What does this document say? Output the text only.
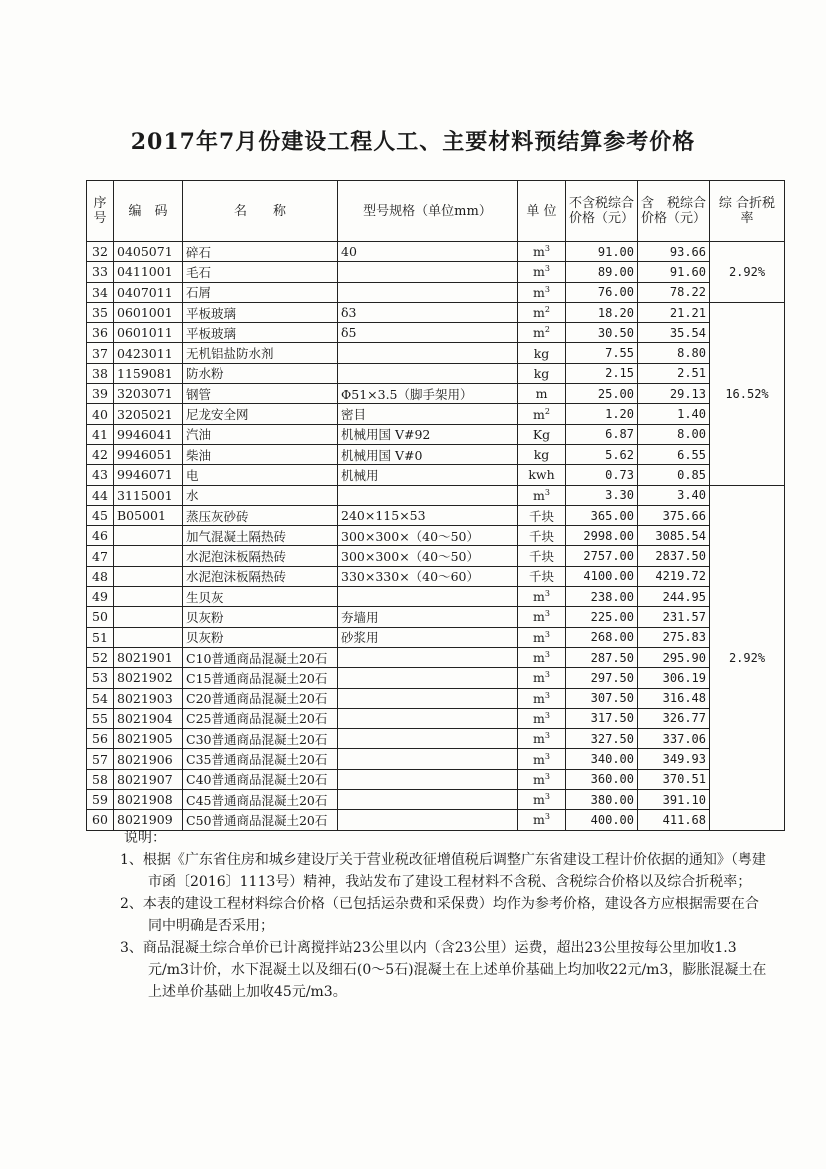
2017年7月份建设工程人工、主要材料预结算参考价格
序号	编　码	名　　称	型号规格（单位mm）	单 位	不含税综合价格（元）	含　税综合价格（元）	综 合折税率
32	0405071	碎石	40	$m^3$	91.00	93.66	2.92%
33	0411001	毛石		$m^3$	89.00	91.60	
34	0407011	石屑		$m^3$	76.00	78.22	
35	0601001	平板玻璃	δ3	$m^2$	18.20	21.21	16.52%
36	0601011	平板玻璃	δ5	$m^2$	30.50	35.54	
37	0423011	无机铝盐防水剂		kg	7.55	8.80	
38	1159081	防水粉		kg	2.15	2.51	
39	3203071	钢管	Φ51×3.5（脚手架用）	m	25.00	29.13	
40	3205021	尼龙安全网	密目	$m^2$	1.20	1.40	
41	9946041	汽油	机械用国 V#92	Kg	6.87	8.00	
42	9946051	柴油	机械用国 V#0	kg	5.62	6.55	
43	9946071	电	机械用	kwh	0.73	0.85	
44	3115001	水		$m^3$	3.30	3.40	2.92%
45	B05001	蒸压灰砂砖	240×115×53	千块	365.00	375.66	
46		加气混凝土隔热砖	300×300×（40～50）	千块	2998.00	3085.54	
47		水泥泡沫板隔热砖	300×300×（40～50）	千块	2757.00	2837.50	
48		水泥泡沫板隔热砖	330×330×（40～60）	千块	4100.00	4219.72	
49		生贝灰		$m^3$	238.00	244.95	
50		贝灰粉	夯墙用	$m^3$	225.00	231.57	
51		贝灰粉	砂浆用	$m^3$	268.00	275.83	
52	8021901	C10普通商品混凝土20石		$m^3$	287.50	295.90	
53	8021902	C15普通商品混凝土20石		$m^3$	297.50	306.19	
54	8021903	C20普通商品混凝土20石		$m^3$	307.50	316.48	
55	8021904	C25普通商品混凝土20石		$m^3$	317.50	326.77	
56	8021905	C30普通商品混凝土20石		$m^3$	327.50	337.06	
57	8021906	C35普通商品混凝土20石		$m^3$	340.00	349.93	
58	8021907	C40普通商品混凝土20石		$m^3$	360.00	370.51	
59	8021908	C45普通商品混凝土20石		$m^3$	380.00	391.10	
60	8021909	C50普通商品混凝土20石		$m^3$	400.00	411.68	
说明：
1、根据《广东省住房和城乡建设厅关于营业税改征增值税后调整广东省建设工程计价依据的通知》（粤建市函〔2016〕1113号）精神，我站发布了建设工程材料不含税、含税综合价格以及综合折税率；
2、本表的建设工程材料综合价格（已包括运杂费和采保费）均作为参考价格，建设各方应根据需要在合同中明确是否采用；
3、商品混凝土综合单价已计离搅拌站23公里以内（含23公里）运费，超出23公里按每公里加收1.3元/m3计价，水下混凝土以及细石(0～5石)混凝土在上述单价基础上均加收22元/m3，膨胀混凝土在上述单价基础上加收45元/m3。
